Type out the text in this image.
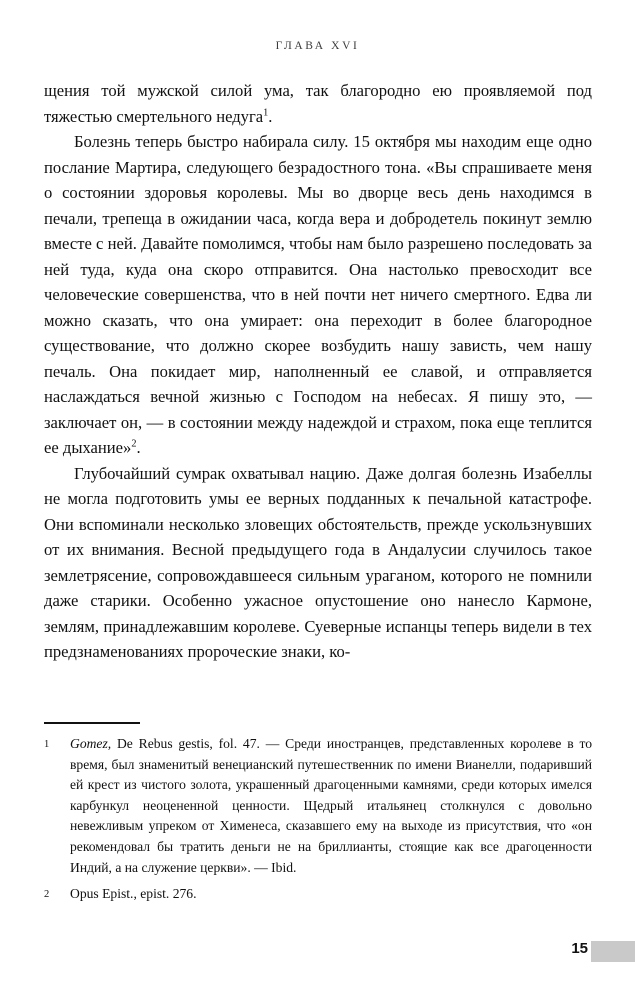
ГЛАВА XVI

щения той мужской силой ума, так благородно ею проявляемой под тяжестью смертельного недуга$^1$.

Болезнь теперь быстро набирала силу. 15 октября мы находим еще одно послание Мартира, следующего безрадостного тона. «Вы спрашиваете меня о состоянии здоровья королевы. Мы во дворце весь день находимся в печали, трепеща в ожидании часа, когда вера и добродетель покинут землю вместе с ней. Давайте помолимся, чтобы нам было разрешено последовать за ней туда, куда она скоро отправится. Она настолько превосходит все человеческие совершенства, что в ней почти нет ничего смертного. Едва ли можно сказать, что она умирает: она переходит в более благородное существование, что должно скорее возбудить нашу зависть, чем нашу печаль. Она покидает мир, наполненный ее славой, и отправляется наслаждаться вечной жизнью с Господом на небесах. Я пишу это, — заключает он, — в состоянии между надеждой и страхом, пока еще теплится ее дыхание»$^2$.

Глубочайший сумрак охватывал нацию. Даже долгая болезнь Изабеллы не могла подготовить умы ее верных подданных к печальной катастрофе. Они вспоминали несколько зловещих обстоятельств, прежде ускользнувших от их внимания. Весной предыдущего года в Андалусии случилось такое землетрясение, сопровождавшееся сильным ураганом, которого не помнили даже старики. Особенно ужасное опустошение оно нанесло Кармоне, землям, принадлежавшим королеве. Суеверные испанцы теперь видели в тех предзнаменованиях пророческие знаки, ко-

1	Gomez, De Rebus gestis, fol. 47. — Среди иностранцев, представленных королеве в то время, был знаменитый венецианский путешественник по имени Вианелли, подаривший ей крест из чистого золота, украшенный драгоценными камнями, среди которых имелся карбункул неоцененной ценности. Щедрый итальянец столкнулся с довольно невежливым упреком от Хименеса, сказавшего ему на выходе из присутствия, что «он рекомендовал бы тратить деньги не на бриллианты, стоящие как все драгоценности Индий, а на служение церкви». — Ibid.
2	Opus Epist., epist. 276.
15
